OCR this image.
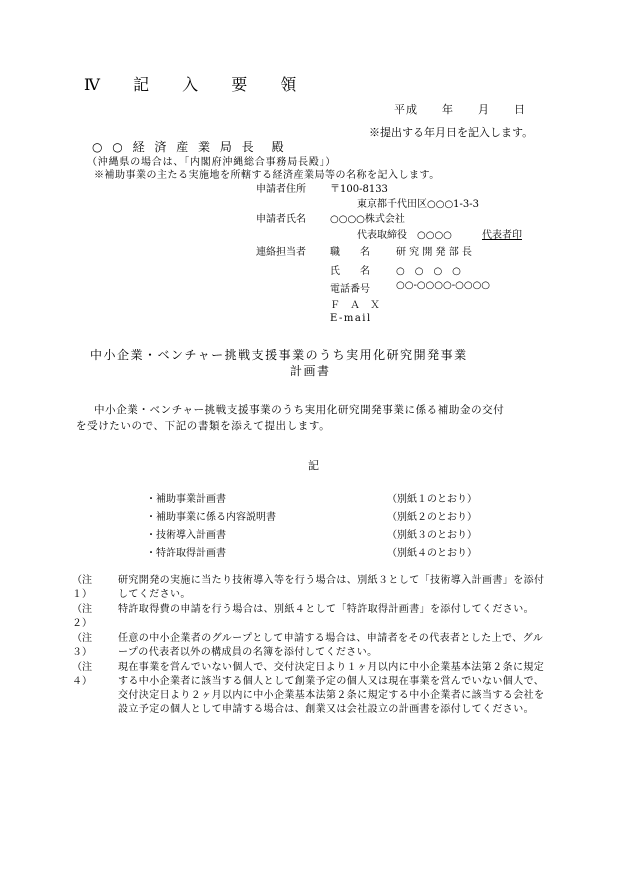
Ⅳ 記 入 要 領
平成　　年　　月　　日
※提出する年月日を記入します。
○ ○ 経 済 産 業 局 長　殿
（沖縄県の場合は、「内閣府沖縄総合事務局長殿」）
※補助事業の主たる実施地を所轄する経済産業局等の名称を記入します。
申請者住所 〒100-8133
東京都千代田区○○○1-3-3
申請者氏名 ○○○○株式会社
代表取締役　○○○○	代表者印
連絡担当者 職　　名	研 究 開 発 部 長
氏　　名	○　○　○　○
電話番号	○○-○○○○-○○○○
Ｆ　Ａ　Ｘ
E-mail
中小企業・ベンチャー挑戦支援事業のうち実用化研究開発事業
計画書
中小企業・ベンチャー挑戦支援事業のうち実用化研究開発事業に係る補助金の交付
を受けたいので、下記の書類を添えて提出します。
記
・補助事業計画書	（別紙１のとおり）
・補助事業に係る内容説明書	（別紙２のとおり）
・技術導入計画書	（別紙３のとおり）
・特許取得計画書	（別紙４のとおり）
（注１）
研究開発の実施に当たり技術導入等を行う場合は、別紙３として「技術導入計画書」を添付してください。
（注２）
特許取得費の申請を行う場合は、別紙４として「特許取得計画書」を添付してください。
（注３）
任意の中小企業者のグループとして申請する場合は、申請者をその代表者とした上で、グループの代表者以外の構成員の名簿を添付してください。
（注４）
現在事業を営んでいない個人で、交付決定日より１ヶ月以内に中小企業基本法第２条に規定する中小企業者に該当する個人として創業予定の個人又は現在事業を営んでいない個人で、交付決定日より２ヶ月以内に中小企業基本法第２条に規定する中小企業者に該当する会社を設立予定の個人として申請する場合は、創業又は会社設立の計画書を添付してください。
